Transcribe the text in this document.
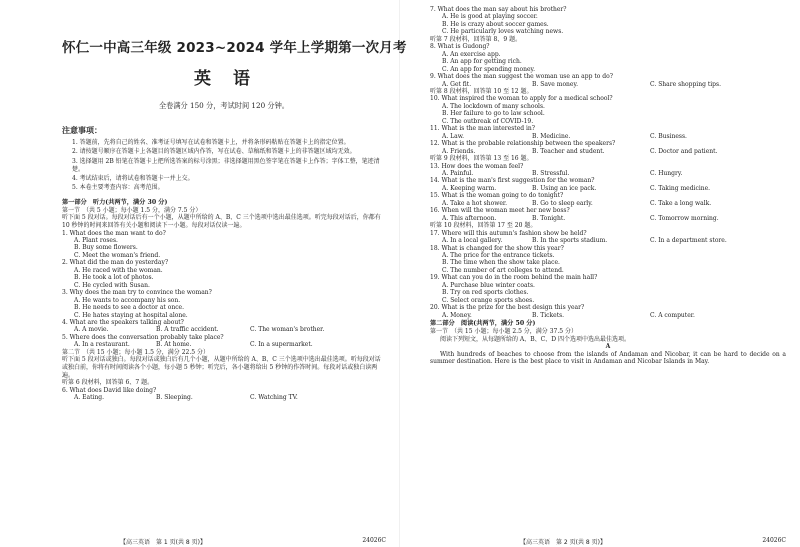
怀仁一中高三年级 2023~2024 学年上学期第一次月考
英语
全卷满分 150 分，考试时间 120 分钟。
注意事项：
1. 答题前，先将自己的姓名、准考证号填写在试卷和答题卡上，并将条形码粘贴在答题卡上的指定位置。
2. 请按题号顺序在答题卡上各题目的答题区域内作答，写在试卷、草稿纸和答题卡上的非答题区域均无效。
3. 选择题用 2B 铅笔在答题卡上把所选答案的标号涂黑；非选择题用黑色签字笔在答题卡上作答；字体工整，笔迹清楚。
4. 考试结束后，请将试卷和答题卡一并上交。
5. 本卷主要考查内容：高考范围。
第一部分　听力(共两节，满分 30 分)
第一节　（共 5 小题；每小题 1.5 分，满分 7.5 分）
听下面 5 段对话。每段对话后有一个小题，从题中所给的 A、B、C 三个选项中选出最佳选项。听完每段对话后，你都有 10 秒钟的时间来回答有关小题和阅读下一小题。每段对话仅读一遍。
1. What does the man want to do?
A. Plant roses.
B. Buy some flowers.
C. Meet the woman's friend.
2. What did the man do yesterday?
A. He raced with the woman.
B. He took a lot of photos.
C. He cycled with Susan.
3. Why does the man try to convince the woman?
A. He wants to accompany his son.
B. He needs to see a doctor at once.
C. He hates staying at hospital alone.
4. What are the speakers talking about?
A. A movie.	B. A traffic accident.	C. The woman's brother.
5. Where does the conversation probably take place?
A. In a restaurant.	B. At home.	C. In a supermarket.
第二节　（共 15 小题；每小题 1.5 分，满分 22.5 分）
听下面 5 段对话或独白。每段对话或独白后有几个小题，从题中所给的 A、B、C 三个选项中选出最佳选项。听每段对话或独白前，你将有时间阅读各个小题，每小题 5 秒钟；听完后，各小题将给出 5 秒钟的作答时间。每段对话或独白读两遍。
听第 6 段材料，回答第 6、7 题。
6. What does David like doing?
A. Eating.	B. Sleeping.	C. Watching TV.
【高三英语　第 1 页(共 8 页)】	24026C
7. What does the man say about his brother?
A. He is good at playing soccer.
B. He is crazy about soccer games.
C. He particularly loves watching news.
听第 7 段材料，回答第 8、9 题。
8. What is Gudong?
A. An exercise app.
B. An app for getting rich.
C. An app for spending money.
9. What does the man suggest the woman use an app to do?
A. Get fit.	B. Save money.	C. Share shopping tips.
听第 8 段材料，回答第 10 至 12 题。
10. What inspired the woman to apply for a medical school?
A. The lockdown of many schools.
B. Her failure to go to law school.
C. The outbreak of COVID-19.
11. What is the man interested in?
A. Law.	B. Medicine.	C. Business.
12. What is the probable relationship between the speakers?
A. Friends.	B. Teacher and student.	C. Doctor and patient.
听第 9 段材料，回答第 13 至 16 题。
13. How does the woman feel?
A. Painful.	B. Stressful.	C. Hungry.
14. What is the man's first suggestion for the woman?
A. Keeping warm.	B. Using an ice pack.	C. Taking medicine.
15. What is the woman going to do tonight?
A. Take a hot shower.	B. Go to sleep early.	C. Take a long walk.
16. When will the woman meet her new boss?
A. This afternoon.	B. Tonight.	C. Tomorrow morning.
听第 10 段材料，回答第 17 至 20 题。
17. Where will this autumn's fashion show be held?
A. In a local gallery.	B. In the sports stadium.	C. In a department store.
18. What is changed for the show this year?
A. The price for the entrance tickets.
B. The time when the show take place.
C. The number of art colleges to attend.
19. What can you do in the room behind the main hall?
A. Purchase blue winter coats.
B. Try on red sports clothes.
C. Select orange sports shoes.
20. What is the prize for the best design this year?
A. Money.	B. Tickets.	C. A computer.
第二部分　阅读(共两节，满分 50 分)
第一节　（共 15 小题；每小题 2.5 分，满分 37.5 分）
阅读下列短文，从每题所给的 A、B、C、D 四个选项中选出最佳选项。
A
With hundreds of beaches to choose from the islands of Andaman and Nicobar, it can be hard to decide on a summer destination. Here is the best place to visit in Andaman and Nicobar Islands in May.
【高三英语　第 2 页(共 8 页)】	24026C
